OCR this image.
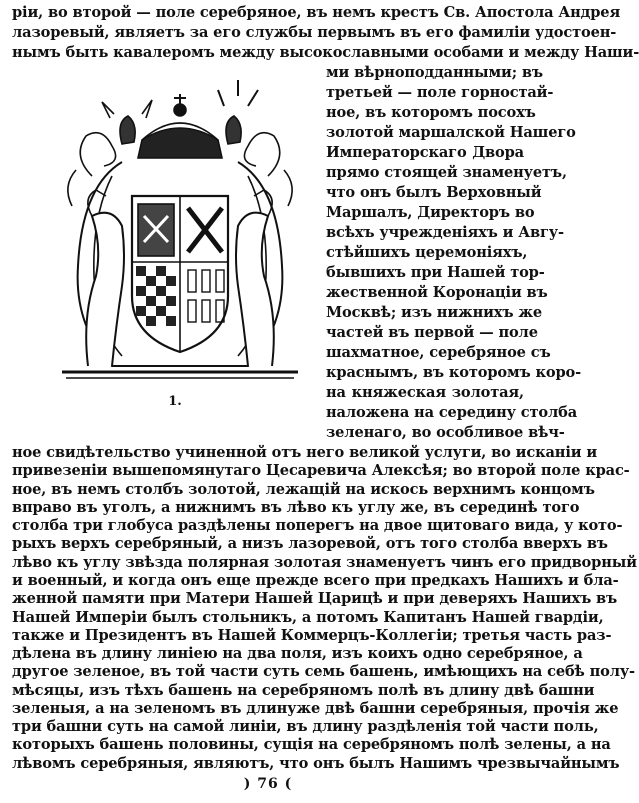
ріи, во второй — поле серебряное, въ немъ крестъ Св. Апостола Андрея
лазоревый, являетъ за его службы первымъ въ его фамиліи удостоен-
нымъ быть кавалеромъ между высокославными особами и между Наши-
1.
ми вѣрноподданными; въ
третьей — поле горностай-
ное, въ которомъ посохъ
золотой маршалской Нашего
Императорскаго Двора
прямо стоящей знаменуетъ,
что онъ былъ Верховный
Маршалъ, Директоръ во
всѣхъ учрежденіяхъ и Авгу-
стѣйшихъ церемоніяхъ,
бывшихъ при Нашей тор-
жественной Коронаціи въ
Москвѣ; изъ нижнихъ же
частей въ первой — поле
шахматное, серебряное съ
краснымъ, въ которомъ коро-
на княжеская золотая,
наложена на середину столба
зеленаго, во особливое вѣч-
ное свидѣтельство учиненной отъ него великой услуги, во исканіи и
привезеніи вышепомянутаго Цесаревича Алексѣя; во второй поле крас-
ное, въ немъ столбъ золотой, лежащій на искось верхнимъ концомъ
вправо въ уголъ, а нижнимъ въ лѣво къ углу же, въ серединѣ того
столба три глобуса раздѣлены поперегъ на двое щитоваго вида, у кото-
рыхъ верхъ серебряный, а низъ лазоревой, отъ того столба вверхъ въ
лѣво къ углу звѣзда полярная золотая знаменуетъ чинъ его придворный
и военный, и когда онъ еще прежде всего при предкахъ Нашихъ и бла-
женной памяти при Матери Нашей Царицѣ и при деверяхъ Нашихъ въ
Нашей Имперіи былъ стольникъ, а потомъ Капитанъ Нашей гвардіи,
также и Президентъ въ Нашей Коммерцъ-Коллегіи; третья часть раз-
дѣлена въ длину линіею на два поля, изъ коихъ одно серебряное, а
другое зеленое, въ той части суть семь башень, имѣющихъ на себѣ полу-
мѣсяцы, изъ тѣхъ башень на серебряномъ полѣ въ длину двѣ башни
зеленыя, а на зеленомъ въ длинуже двѣ башни серебряныя, прочія же
три башни суть на самой линіи, въ длину раздѣленія той части поль,
) 76 (
которыхъ башень половины, сущія на серебряномъ полѣ зелены, а на
лѣвомъ серебряныя, являютъ, что онъ былъ Нашимъ чрезвычайнымъ
